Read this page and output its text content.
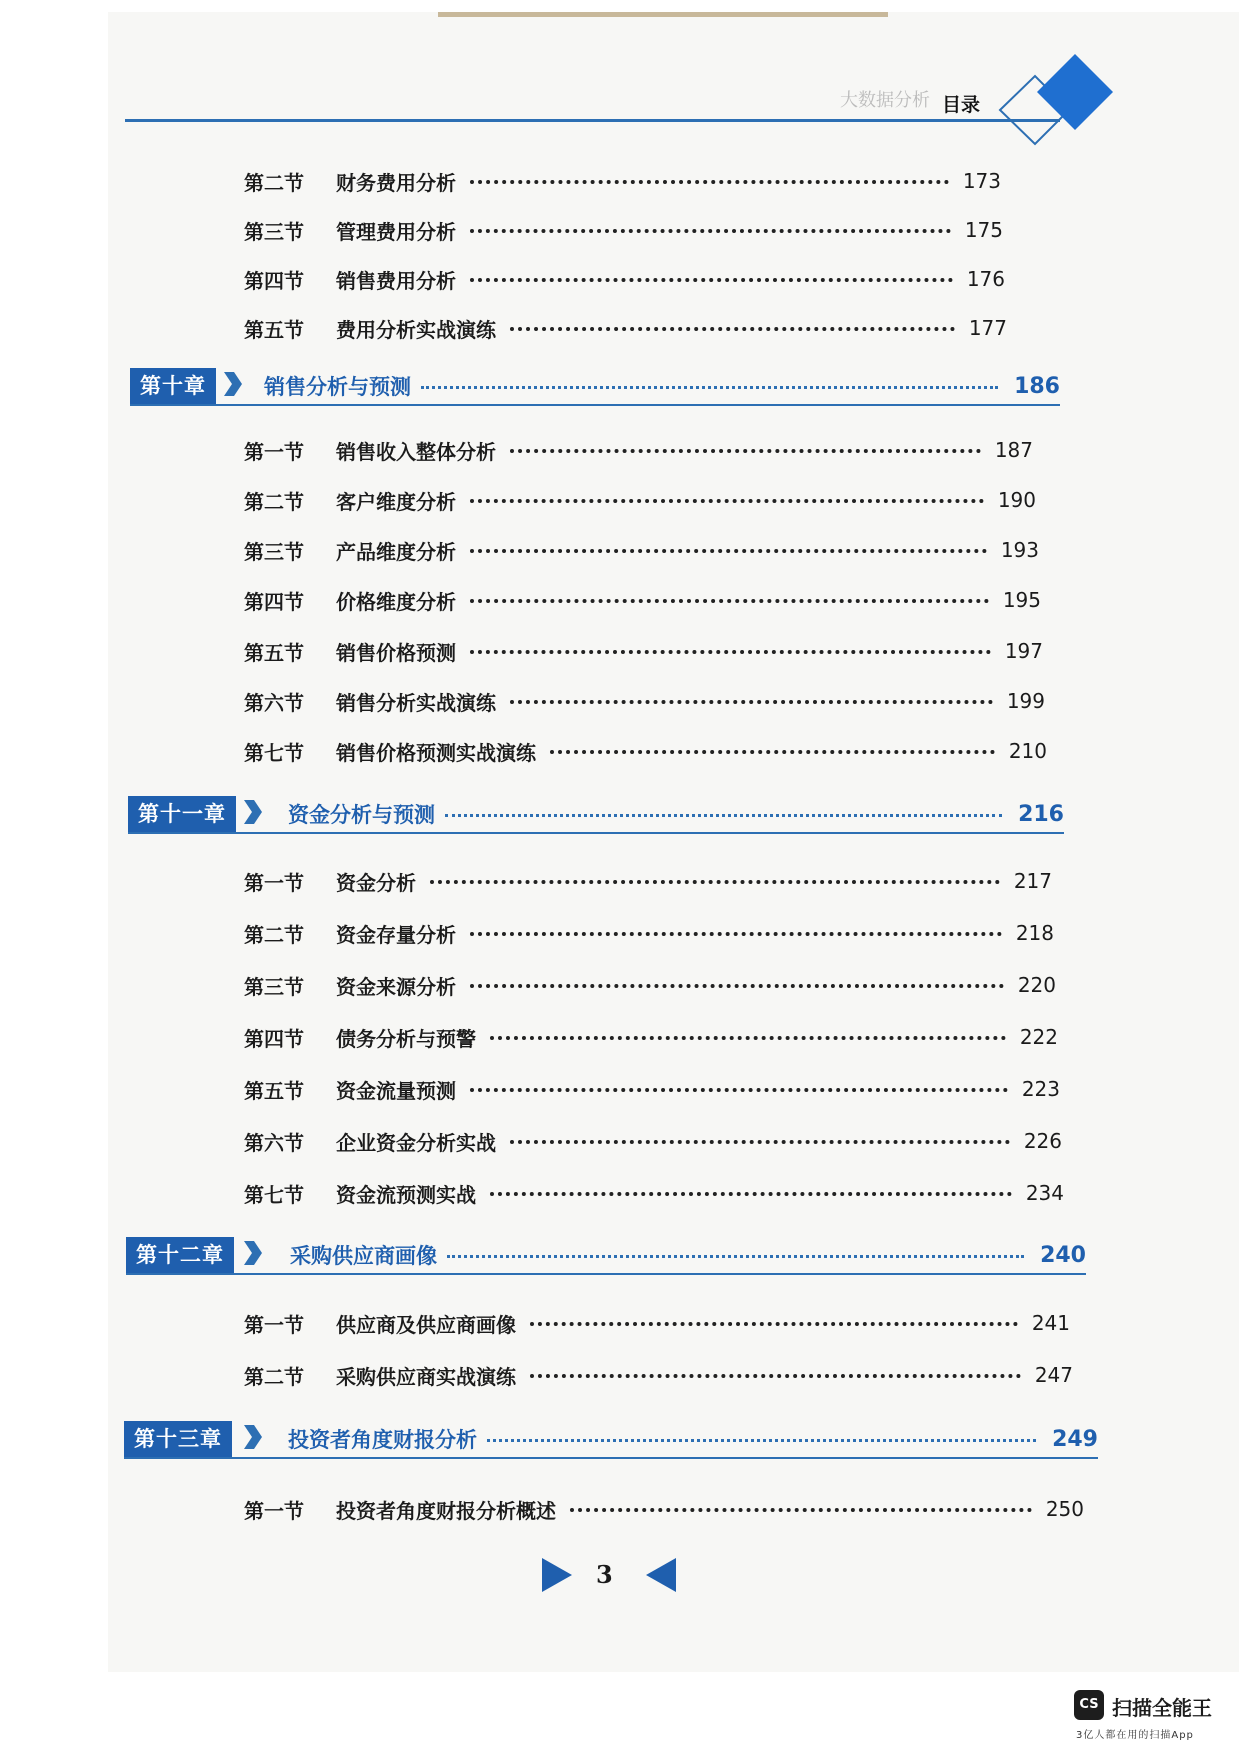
大数据分析 目录
第二节	财务费用分析	173
第三节	管理费用分析	175
第四节	销售费用分析	176
第五节	费用分析实战演练	177
第十章	销售分析与预测	186
第一节	销售收入整体分析	187
第二节	客户维度分析	190
第三节	产品维度分析	193
第四节	价格维度分析	195
第五节	销售价格预测	197
第六节	销售分析实战演练	199
第七节	销售价格预测实战演练	210
第十一章	资金分析与预测	216
第一节	资金分析	217
第二节	资金存量分析	218
第三节	资金来源分析	220
第四节	债务分析与预警	222
第五节	资金流量预测	223
第六节	企业资金分析实战	226
第七节	资金流预测实战	234
第十二章	采购供应商画像	240
第一节	供应商及供应商画像	241
第二节	采购供应商实战演练	247
第十三章	投资者角度财报分析	249
第一节	投资者角度财报分析概述	250
3
CS 扫描全能王
3亿人都在用的扫描App
